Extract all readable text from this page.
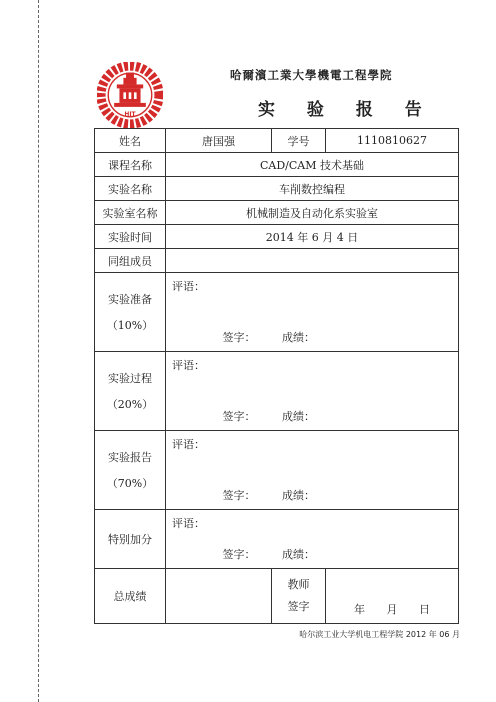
HIT
哈爾濱工業大學機電工程學院
实 验 报 告
姓名	唐国强	学号	1110810627
课程名称	CAD/CAM 技术基础		
实验名称	车削数控编程		
实验室名称	机械制造及自动化系实验室		
实验时间	2014 年 6 月 4 日		
同组成员			

实验准备
（10%）	评语：
签字： 成绩：		

实验过程
（20%）	评语：
签字： 成绩：		

实验报告
（70%）	评语：
签字： 成绩：		

特别加分	评语：
签字： 成绩：		

总成绩		教师
签字	年 月 日
哈尔滨工业大学机电工程学院 2012 年 06 月
